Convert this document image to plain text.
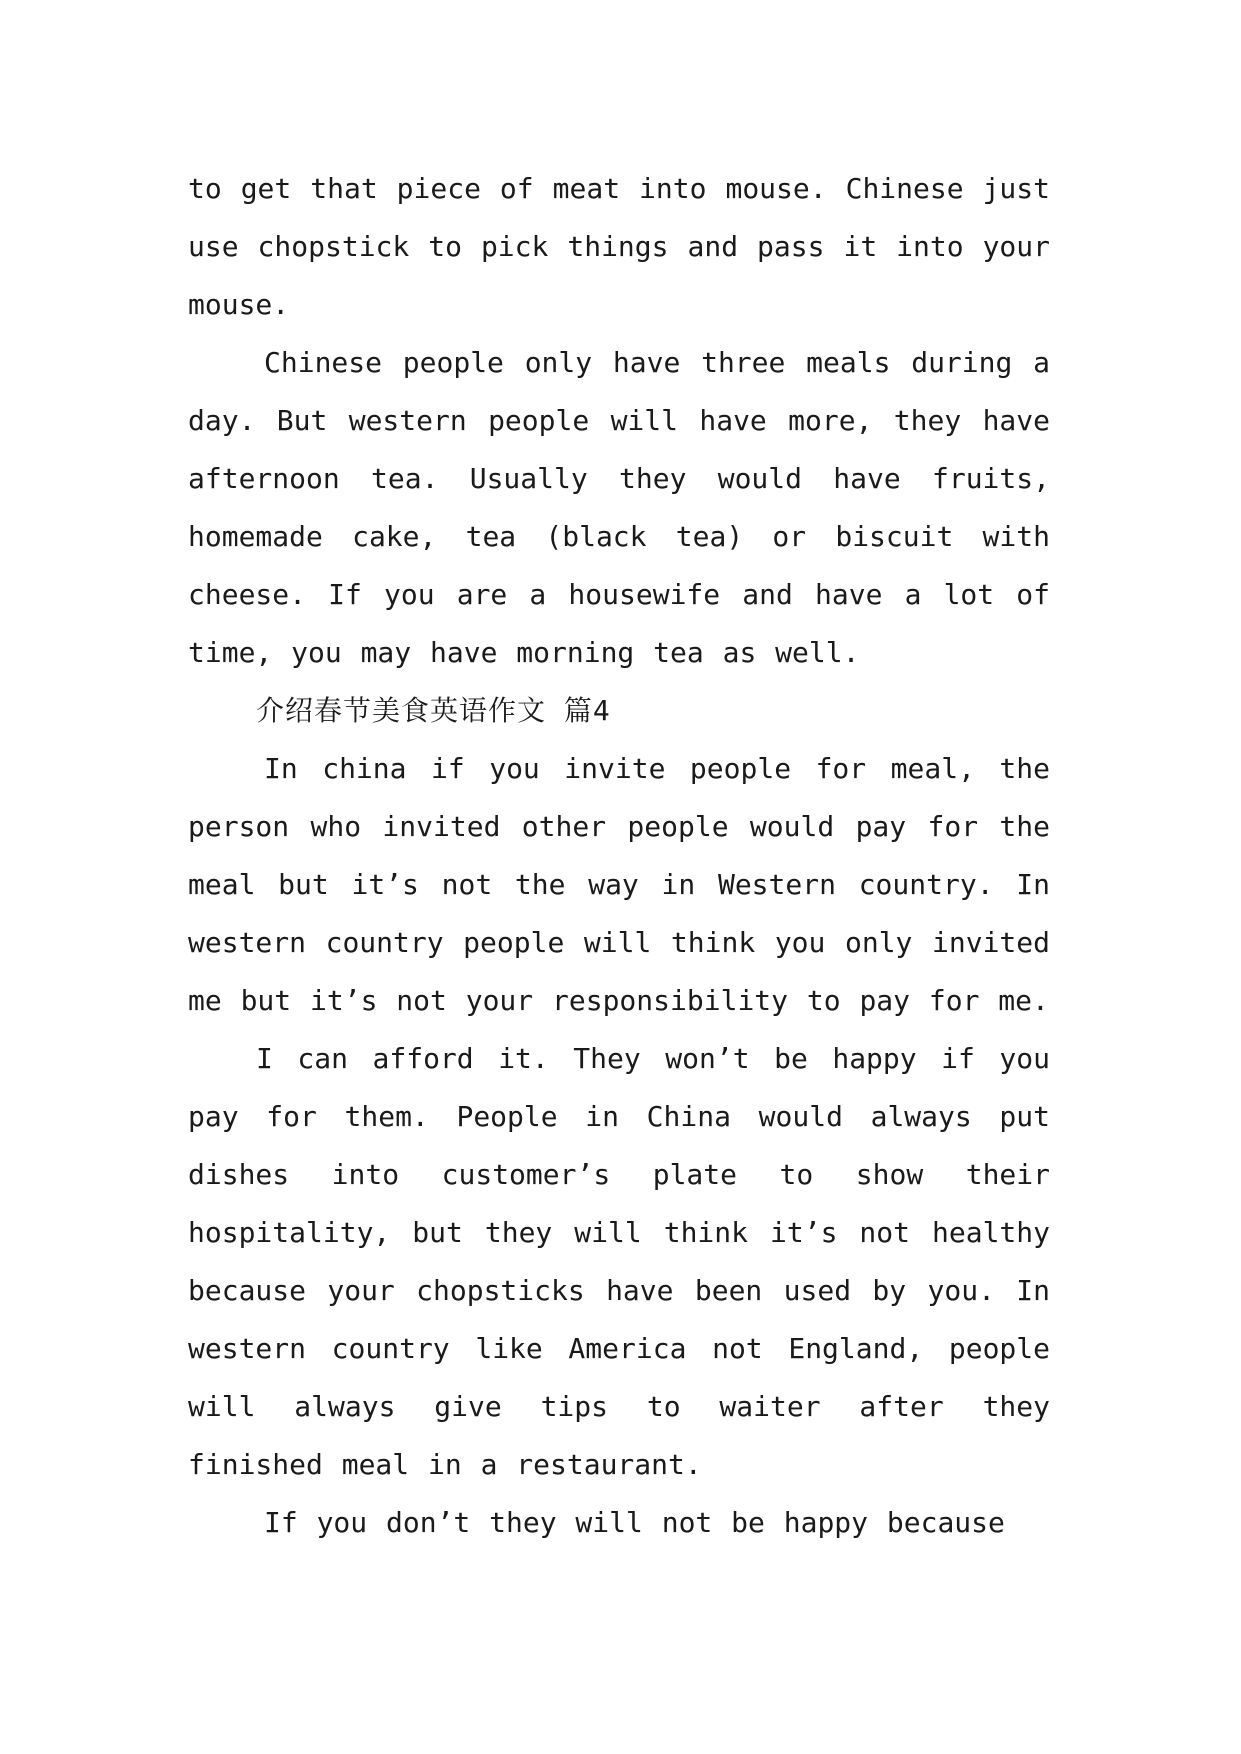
to get that piece of meat into mouse. Chinese just use chopstick to pick things and pass it into your mouse.

Chinese people only have three meals during a day. But western people will have more, they have afternoon tea. Usually they would have fruits, homemade cake, tea (black tea) or biscuit with cheese. If you are a housewife and have a lot of time, you may have morning tea as well.

介绍春节美食英语作文 篇4

In china if you invite people for meal, the person who invited other people would pay for the meal but it’s not the way in Western country. In western country people will think you only invited me but it’s not your responsibility to pay for me.

I can afford it. They won’t be happy if you pay for them. People in China would always put dishes into customer’s plate to show their hospitality, but they will think it’s not healthy because your chopsticks have been used by you. In western country like America not England, people will always give tips to waiter after they finished meal in a restaurant.

If you don’t they will not be happy because
